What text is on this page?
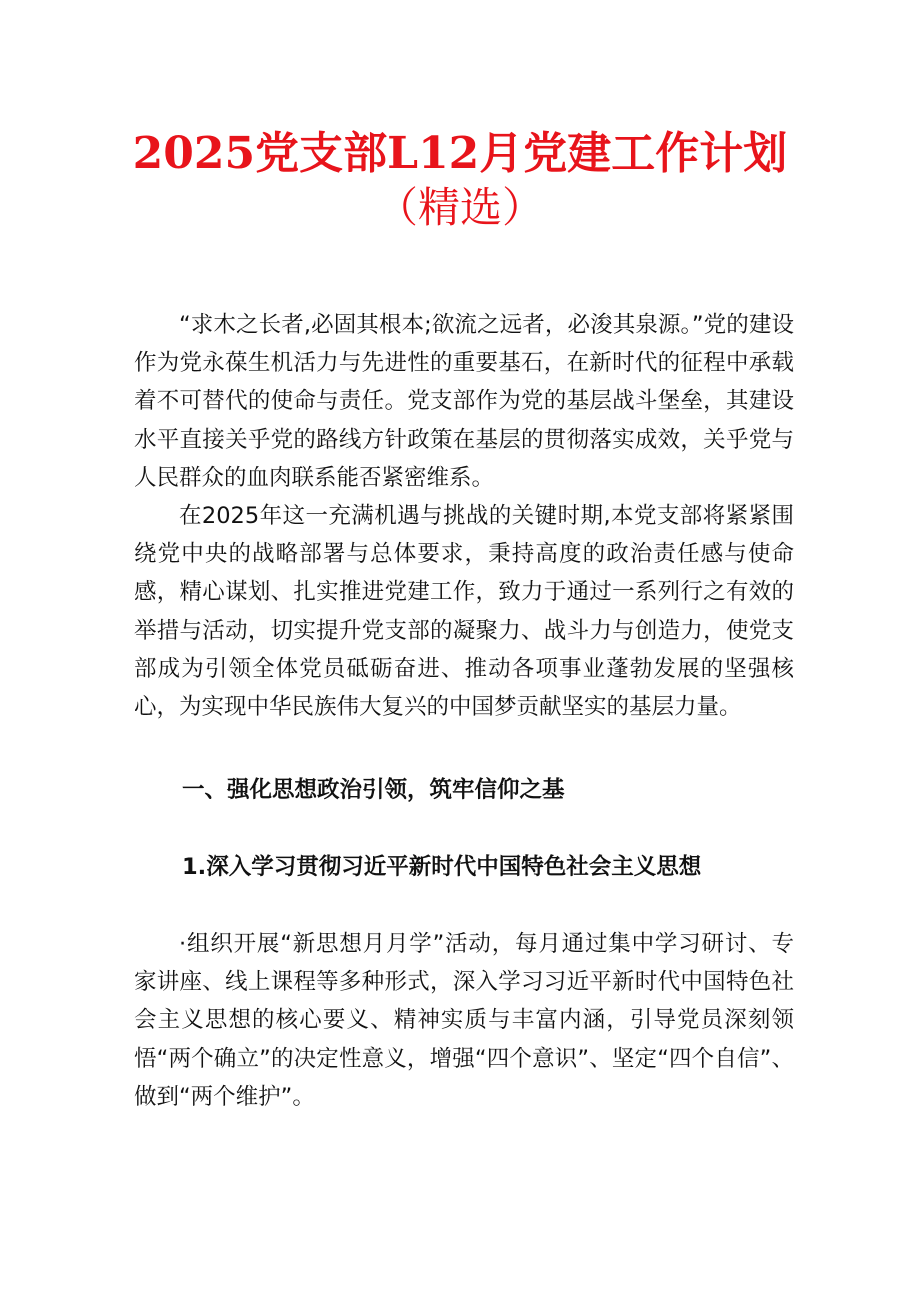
2025党支部L12月党建工作计划
（精选）

“求木之长者,必固其根本;欲流之远者，必浚其泉源。”党的建设作为党永葆生机活力与先进性的重要基石，在新时代的征程中承载着不可替代的使命与责任。党支部作为党的基层战斗堡垒，其建设水平直接关乎党的路线方针政策在基层的贯彻落实成效，关乎党与人民群众的血肉联系能否紧密维系。

在2025年这一充满机遇与挑战的关键时期,本党支部将紧紧围绕党中央的战略部署与总体要求，秉持高度的政治责任感与使命感，精心谋划、扎实推进党建工作，致力于通过一系列行之有效的举措与活动，切实提升党支部的凝聚力、战斗力与创造力，使党支部成为引领全体党员砥砺奋进、推动各项事业蓬勃发展的坚强核心，为实现中华民族伟大复兴的中国梦贡献坚实的基层力量。

一、强化思想政治引领，筑牢信仰之基
1.深入学习贯彻习近平新时代中国特色社会主义思想

·组织开展“新思想月月学”活动，每月通过集中学习研讨、专家讲座、线上课程等多种形式，深入学习习近平新时代中国特色社会主义思想的核心要义、精神实质与丰富内涵，引导党员深刻领悟“两个确立”的决定性意义，增强“四个意识”、坚定“四个自信”、做到“两个维护”。
